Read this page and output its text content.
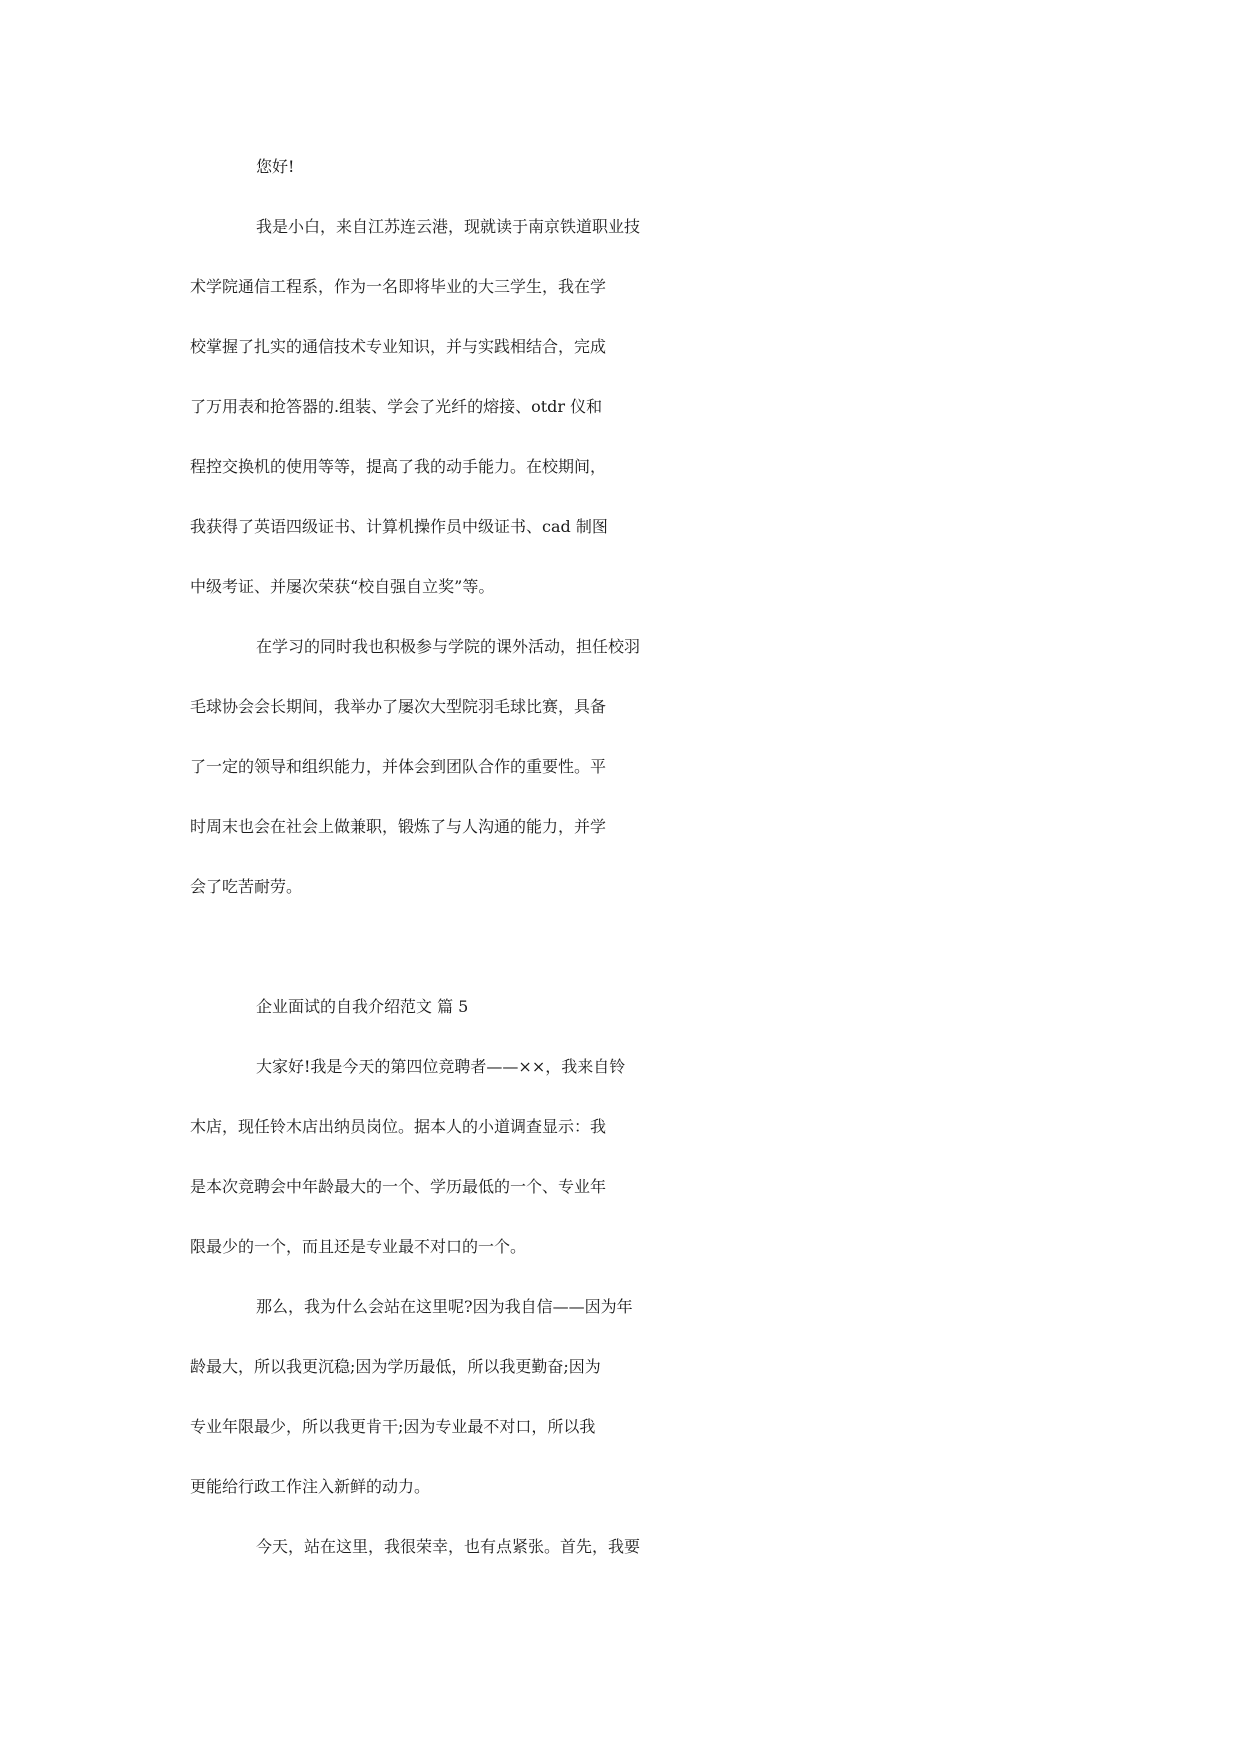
您好!
我是小白，来自江苏连云港，现就读于南京铁道职业技
术学院通信工程系，作为一名即将毕业的大三学生，我在学
校掌握了扎实的通信技术专业知识，并与实践相结合，完成
了万用表和抢答器的.组装、学会了光纤的熔接、otdr 仪和
程控交换机的使用等等，提高了我的动手能力。在校期间，
我获得了英语四级证书、计算机操作员中级证书、cad 制图
中级考证、并屡次荣获“校自强自立奖”等。
在学习的同时我也积极参与学院的课外活动，担任校羽
毛球协会会长期间，我举办了屡次大型院羽毛球比赛，具备
了一定的领导和组织能力，并体会到团队合作的重要性。平
时周末也会在社会上做兼职，锻炼了与人沟通的能力，并学
会了吃苦耐劳。
企业面试的自我介绍范文 篇 5
大家好!我是今天的第四位竞聘者——××，我来自铃
木店，现任铃木店出纳员岗位。据本人的小道调查显示：我
是本次竞聘会中年龄最大的一个、学历最低的一个、专业年
限最少的一个，而且还是专业最不对口的一个。
那么，我为什么会站在这里呢?因为我自信——因为年
龄最大，所以我更沉稳;因为学历最低，所以我更勤奋;因为
专业年限最少，所以我更肯干;因为专业最不对口，所以我
更能给行政工作注入新鲜的动力。
今天，站在这里，我很荣幸，也有点紧张。首先，我要
